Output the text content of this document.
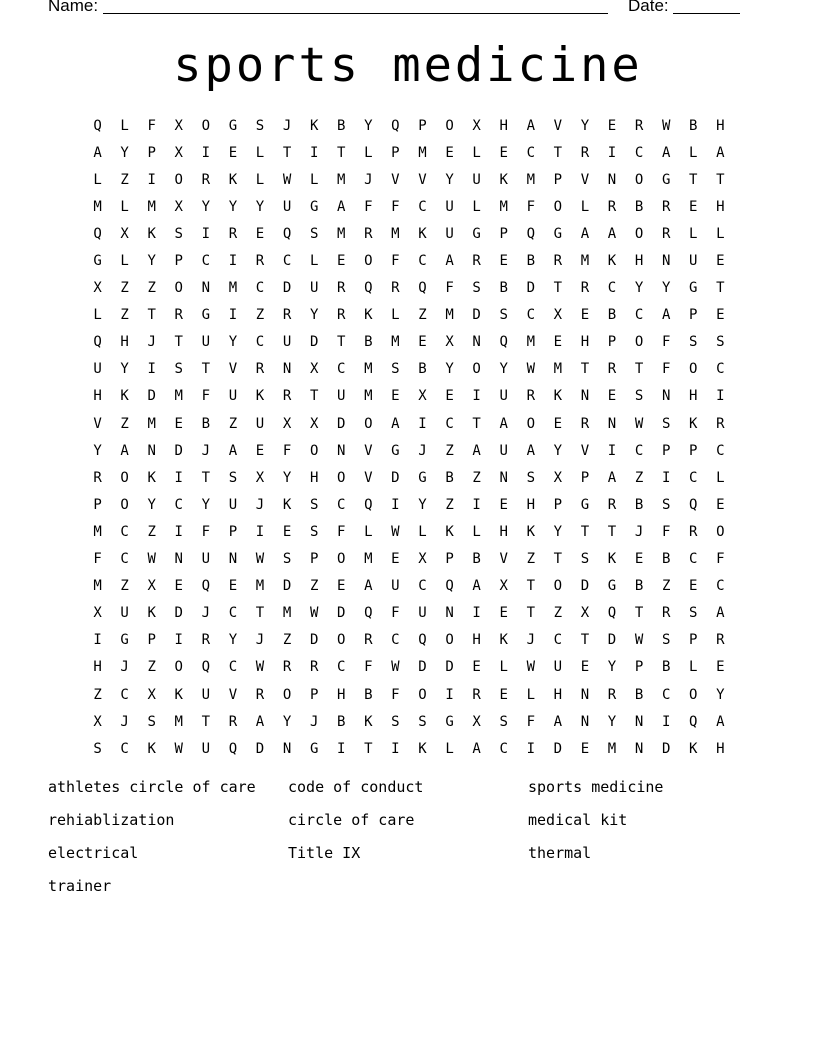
Name:	Date:
sports medicine
Q	L	F	X	O	G	S	J	K	B	Y	Q	P	O	X	H	A	V	Y	E	R	W	B	H
A	Y	P	X	I	E	L	T	I	T	L	P	M	E	L	E	C	T	R	I	C	A	L	A
L	Z	I	O	R	K	L	W	L	M	J	V	V	Y	U	K	M	P	V	N	O	G	T	T
M	L	M	X	Y	Y	Y	U	G	A	F	F	C	U	L	M	F	O	L	R	B	R	E	H
Q	X	K	S	I	R	E	Q	S	M	R	M	K	U	G	P	Q	G	A	A	O	R	L	L
G	L	Y	P	C	I	R	C	L	E	O	F	C	A	R	E	B	R	M	K	H	N	U	E
X	Z	Z	O	N	M	C	D	U	R	Q	R	Q	F	S	B	D	T	R	C	Y	Y	G	T
L	Z	T	R	G	I	Z	R	Y	R	K	L	Z	M	D	S	C	X	E	B	C	A	P	E
Q	H	J	T	U	Y	C	U	D	T	B	M	E	X	N	Q	M	E	H	P	O	F	S	S
U	Y	I	S	T	V	R	N	X	C	M	S	B	Y	O	Y	W	M	T	R	T	F	O	C
H	K	D	M	F	U	K	R	T	U	M	E	X	E	I	U	R	K	N	E	S	N	H	I
V	Z	M	E	B	Z	U	X	X	D	O	A	I	C	T	A	O	E	R	N	W	S	K	R
Y	A	N	D	J	A	E	F	O	N	V	G	J	Z	A	U	A	Y	V	I	C	P	P	C
R	O	K	I	T	S	X	Y	H	O	V	D	G	B	Z	N	S	X	P	A	Z	I	C	L
P	O	Y	C	Y	U	J	K	S	C	Q	I	Y	Z	I	E	H	P	G	R	B	S	Q	E
M	C	Z	I	F	P	I	E	S	F	L	W	L	K	L	H	K	Y	T	T	J	F	R	O
F	C	W	N	U	N	W	S	P	O	M	E	X	P	B	V	Z	T	S	K	E	B	C	F
M	Z	X	E	Q	E	M	D	Z	E	A	U	C	Q	A	X	T	O	D	G	B	Z	E	C
X	U	K	D	J	C	T	M	W	D	Q	F	U	N	I	E	T	Z	X	Q	T	R	S	A
I	G	P	I	R	Y	J	Z	D	O	R	C	Q	O	H	K	J	C	T	D	W	S	P	R
H	J	Z	O	Q	C	W	R	R	C	F	W	D	D	E	L	W	U	E	Y	P	B	L	E
Z	C	X	K	U	V	R	O	P	H	B	F	O	I	R	E	L	H	N	R	B	C	O	Y
X	J	S	M	T	R	A	Y	J	B	K	S	S	G	X	S	F	A	N	Y	N	I	Q	A
S	C	K	W	U	Q	D	N	G	I	T	I	K	L	A	C	I	D	E	M	N	D	K	H
athletes circle of care	code of conduct	sports medicine
rehiablization	circle of care	medical kit
electrical	Title IX	thermal
trainer
